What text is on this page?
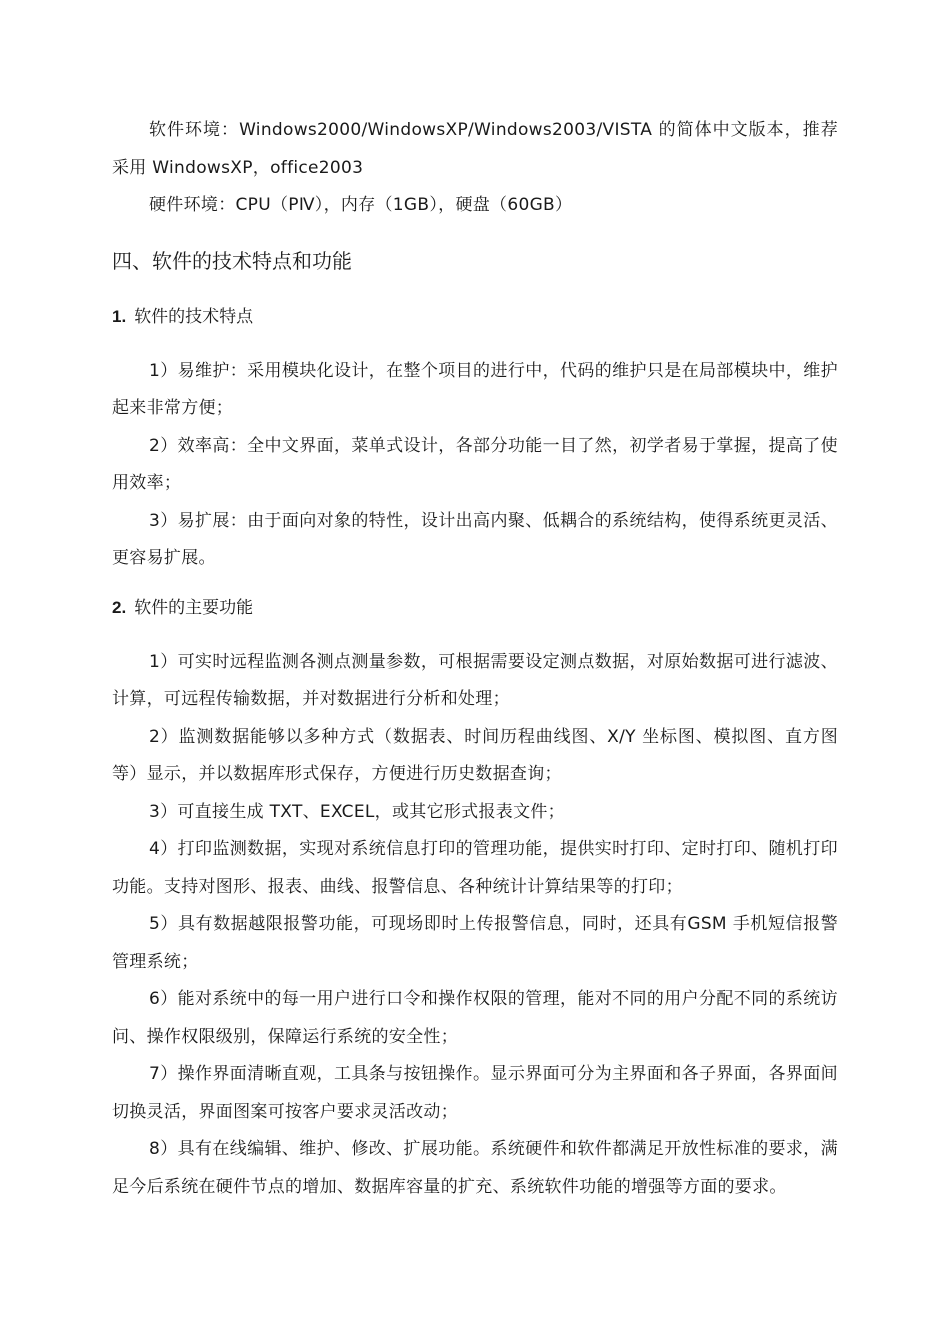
软件环境：Windows2000/WindowsXP/Windows2003/VISTA 的简体中文版本，推荐采用 WindowsXP，office2003

硬件环境：CPU（PⅣ），内存（1GB），硬盘（60GB）

四、软件的技术特点和功能
1. 软件的技术特点

1）易维护：采用模块化设计，在整个项目的进行中，代码的维护只是在局部模块中，维护起来非常方便；

2）效率高：全中文界面，菜单式设计，各部分功能一目了然，初学者易于掌握，提高了使用效率；

3）易扩展：由于面向对象的特性，设计出高内聚、低耦合的系统结构，使得系统更灵活、更容易扩展。

2. 软件的主要功能

1）可实时远程监测各测点测量参数，可根据需要设定测点数据，对原始数据可进行滤波、计算，可远程传输数据，并对数据进行分析和处理；

2）监测数据能够以多种方式（数据表、时间历程曲线图、X/Y 坐标图、模拟图、直方图等）显示，并以数据库形式保存，方便进行历史数据查询；

3）可直接生成 TXT、EXCEL，或其它形式报表文件；

4）打印监测数据，实现对系统信息打印的管理功能，提供实时打印、定时打印、随机打印功能。支持对图形、报表、曲线、报警信息、各种统计计算结果等的打印；

5）具有数据越限报警功能，可现场即时上传报警信息，同时，还具有GSM 手机短信报警管理系统；

6）能对系统中的每一用户进行口令和操作权限的管理，能对不同的用户分配不同的系统访问、操作权限级别，保障运行系统的安全性；

7）操作界面清晰直观，工具条与按钮操作。显示界面可分为主界面和各子界面，各界面间切换灵活，界面图案可按客户要求灵活改动；

8）具有在线编辑、维护、修改、扩展功能。系统硬件和软件都满足开放性标准的要求，满足今后系统在硬件节点的增加、数据库容量的扩充、系统软件功能的增强等方面的要求。
